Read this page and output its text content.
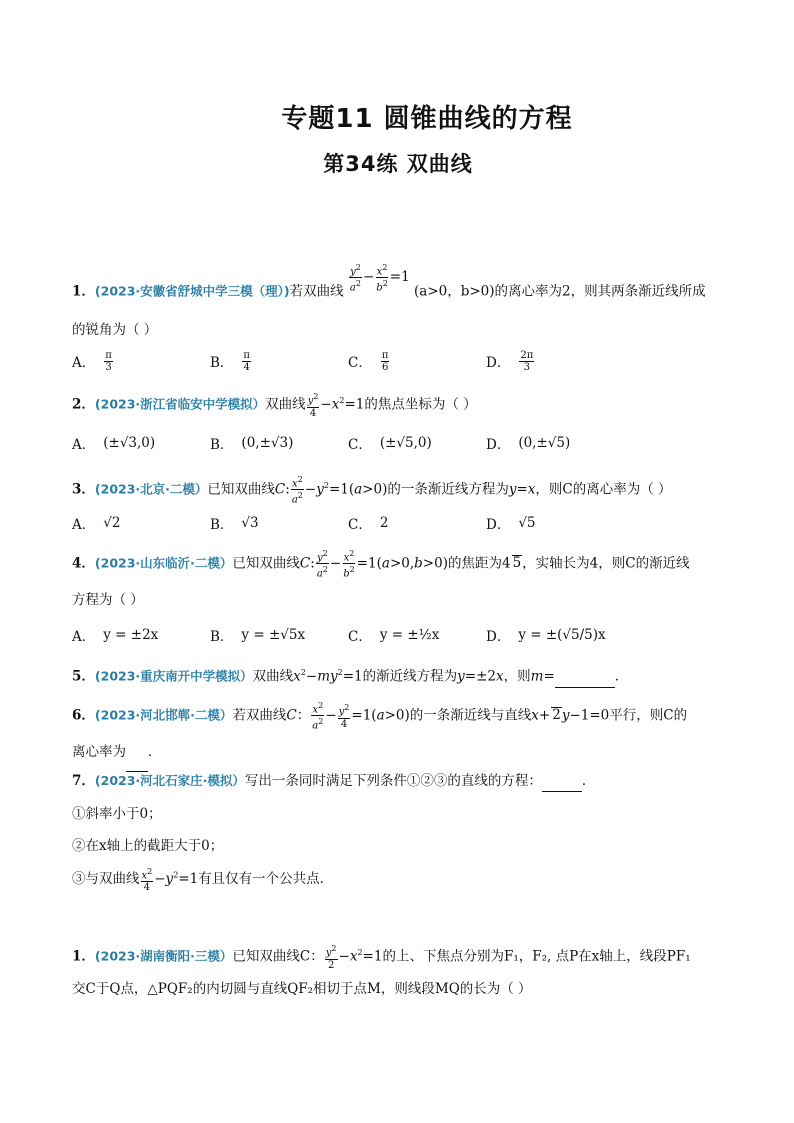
专题11 圆锥曲线的方程
第34练 双曲线
1．(2023·安徽省舒城中学三模（理）)若双曲线 $\frac{y^2}{a^2} - \frac{x^2}{b^2} =1$ (a>0，b>0)的离心率为2，则其两条渐近线所成
的锐角为（ ）
A． $\frac{\pi}{3}$	B． $\frac{\pi}{4}$	C． $\frac{\pi}{6}$	D． $\frac{2\pi}{3}$
2．(2023·浙江省临安中学模拟）双曲线 $\frac{y^2}{4} -x^2=1$的焦点坐标为（ ）
A． (±√3,0)	B． (0,±√3)	C． (±√5,0)	D． (0,±√5)
3．(2023·北京·二模）已知双曲线C: $\frac{x^2}{a^2} -y^2=1(a>0)$的一条渐近线方程为y=x，则C的离心率为（ ）
A． √2	B． √3	C． 2	D． √5
4．(2023·山东临沂·二模）已知双曲线C: $\frac{y^2}{a^2} - \frac{x^2}{b^2} =1(a>0,b>0)$的焦距为4 5，实轴长为4，则C的渐近线
方程为（ ）
A． y = ±2x	B． y = ±√5x	C． y = ±½x	D． y = ±(√5/5)x
5．(2023·重庆南开中学模拟）双曲线$x^2-my^2=1$的渐近线方程为y=±2x，则m=	．
6．(2023·河北邯郸·二模）若双曲线C： $\frac{x^2}{a^2} - \frac{y^2}{4} =1(a>0)$的一条渐近线与直线x+ 2y−1=0平行，则C的
离心率为 ．
7．(2023·河北石家庄·模拟）写出一条同时满足下列条件①②③的直线的方程：	．
①斜率小于0；
②在x轴上的截距大于0；
③与双曲线 $\frac{x^2}{4} -y^2=1$有且仅有一个公共点．
1．(2023·湖南衡阳·三模）已知双曲线C： $\frac{y^2}{2} -x^2=1$的上、下焦点分别为F₁，F₂, 点P在x轴上，线段PF₁
交C于Q点，△PQF₂的内切圆与直线QF₂相切于点M，则线段MQ的长为（ ）
